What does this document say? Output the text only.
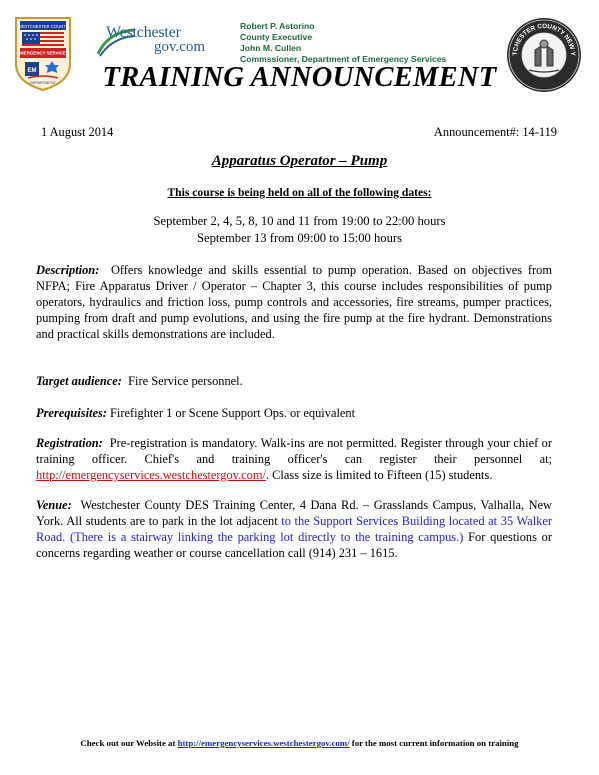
WESTCHESTER COUNTY
EMERGENCY SERVICES
EM
DEPARTMENT
Westchester
gov.com
Robert P. Astorino
County Executive
John M. Cullen
Commssioner, Department of Emergency Services
TCHESTER COUNTY NEW Y
TRAINING ANNOUNCEMENT
1 August 2014	Announcement#: 14-119
Apparatus Operator – Pump
This course is being held on all of the following dates:
September 2, 4, 5, 8, 10 and 11 from 19:00 to 22:00 hours
September 13 from 09:00 to 15:00 hours
Description: Offers knowledge and skills essential to pump operation. Based on objectives from NFPA; Fire Apparatus Driver / Operator – Chapter 3, this course includes responsibilities of pump operators, hydraulics and friction loss, pump controls and accessories, fire streams, pumper practices, pumping from draft and pump evolutions, and using the fire pump at the fire hydrant. Demonstrations and practical skills demonstrations are included.
Target audience: Fire Service personnel.
Prerequisites: Firefighter 1 or Scene Support Ops. or equivalent
Registration: Pre-registration is mandatory. Walk-ins are not permitted. Register through your chief or training officer. Chief's and training officer's can register their personnel at; http://emergencyservices.westchestergov.com/. Class size is limited to Fifteen (15) students.
Venue: Westchester County DES Training Center, 4 Dana Rd. – Grasslands Campus, Valhalla, New York. All students are to park in the lot adjacent to the Support Services Building located at 35 Walker Road. (There is a stairway linking the parking lot directly to the training campus.) For questions or concerns regarding weather or course cancellation call (914) 231 – 1615.
Check out our Website at http://emergencyservices.westchestergov.com/ for the most current information on training
